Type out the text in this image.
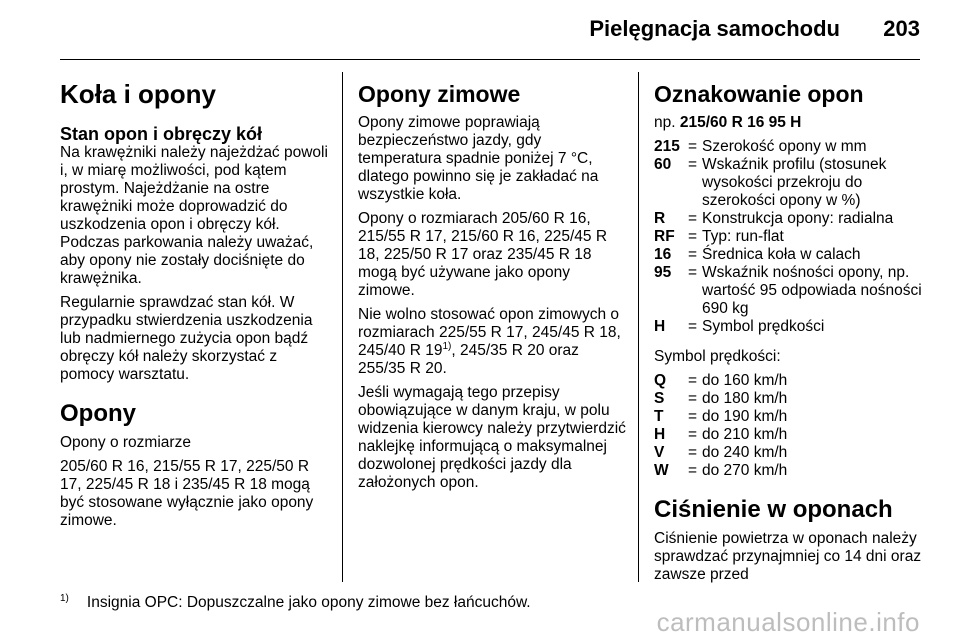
Pielęgnacja samochodu 203
Koła i opony
Stan opon i obręczy kół

Na krawężniki należy najeżdżać powoli i, w miarę możliwości, pod kątem prostym. Najeżdżanie na ostre krawężniki może doprowadzić do uszkodzenia opon i obręczy kół. Podczas parkowania należy uważać, aby opony nie zostały dociśnięte do krawężnika.

Regularnie sprawdzać stan kół. W przypadku stwierdzenia uszkodzenia lub nadmiernego zużycia opon bądź obręczy kół należy skorzystać z pomocy warsztatu.

Opony

Opony o rozmiarze

205/60 R 16, 215/55 R 17, 225/50 R 17, 225/45 R 18 i 235/45 R 18 mogą być stosowane wyłącznie jako opony zimowe.

Opony zimowe

Opony zimowe poprawiają bezpieczeństwo jazdy, gdy temperatura spadnie poniżej 7 °C, dlatego powinno się je zakładać na wszystkie koła.

Opony o rozmiarach 205/60 R 16, 215/55 R 17, 215/60 R 16, 225/45 R 18, 225/50 R 17 oraz 235/45 R 18 mogą być używane jako opony zimowe.

Nie wolno stosować opon zimowych o rozmiarach 225/55 R 17, 245/45 R 18, 245/40 R 19$^{1)}$, 245/35 R 20 oraz 255/35 R 20.

Jeśli wymagają tego przepisy obowiązujące w danym kraju, w polu widzenia kierowcy należy przytwierdzić naklejkę informującą o maksymalnej dozwolonej prędkości jazdy dla założonych opon.

Oznakowanie opon

np. 215/60 R 16 95 H

215	=	Szerokość opony w mm
60	=	Wskaźnik profilu (stosunek wysokości przekroju do szerokości opony w %)
R	=	Konstrukcja opony: radialna
RF	=	Typ: run-flat
16	=	Średnica koła w calach
95	=	Wskaźnik nośności opony, np. wartość 95 odpowiada nośności 690 kg
H	=	Symbol prędkości

Symbol prędkości:

Q	=	do 160 km/h
S	=	do 180 km/h
T	=	do 190 km/h
H	=	do 210 km/h
V	=	do 240 km/h
W	=	do 270 km/h
Ciśnienie w oponach

Ciśnienie powietrza w oponach należy sprawdzać przynajmniej co 14 dni oraz zawsze przed

$^{1)}$ Insignia OPC: Dopuszczalne jako opony zimowe bez łańcuchów.
carmanualsonline.info
